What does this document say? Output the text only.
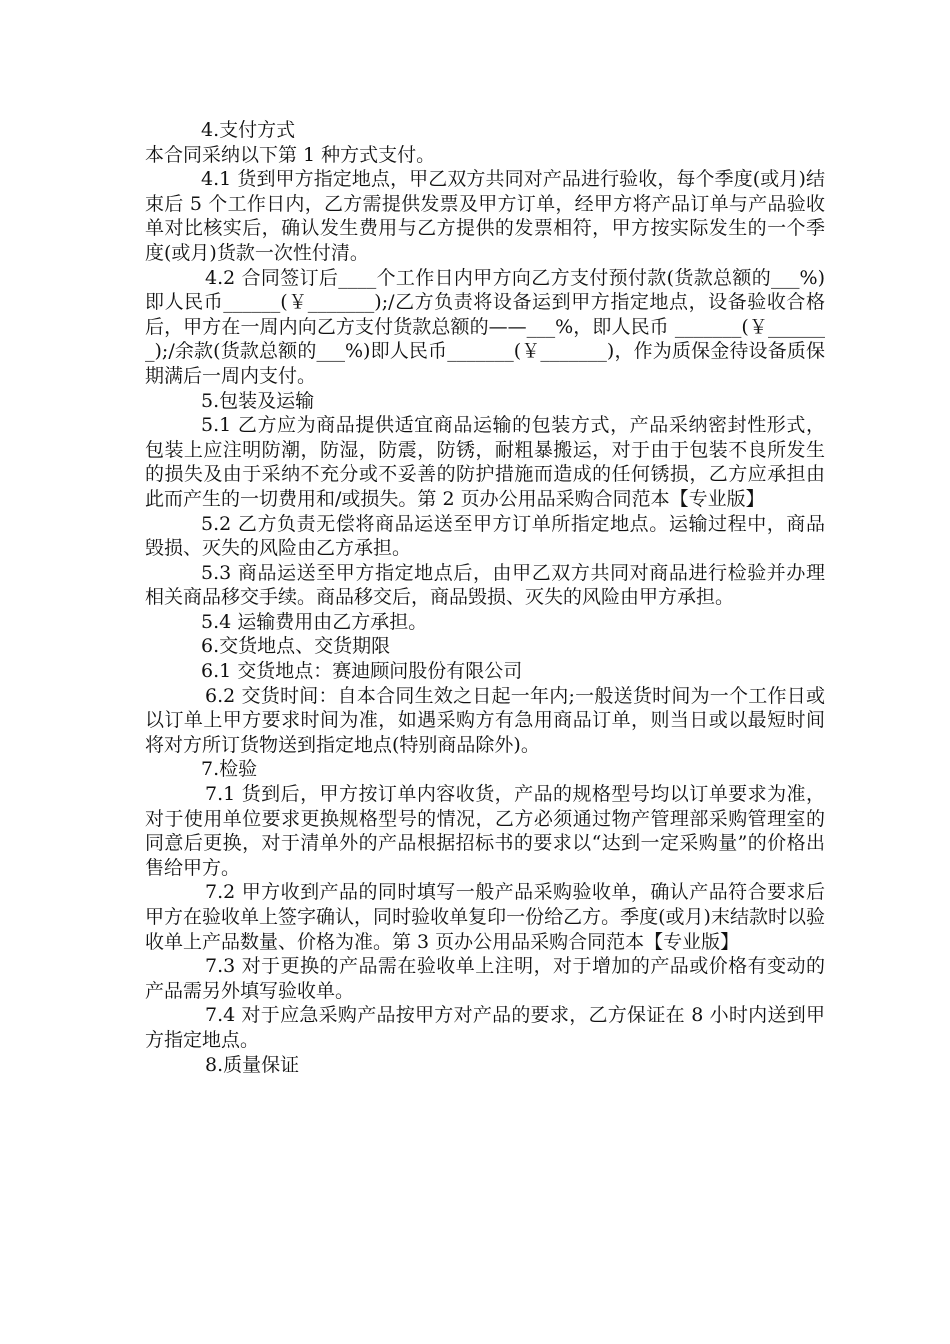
4.支付方式

本合同采纳以下第 1 种方式支付。

4.1 货到甲方指定地点，甲乙双方共同对产品进行验收，每个季度(或月)结束后 5 个工作日内，乙方需提供发票及甲方订单，经甲方将产品订单与产品验收单对比核实后，确认发生费用与乙方提供的发票相符，甲方按实际发生的一个季度(或月)货款一次性付清。

4.2 合同签订后____个工作日内甲方向乙方支付预付款(货款总额的___%)即人民币______(￥_______);/乙方负责将设备运到甲方指定地点，设备验收合格后，甲方在一周内向乙方支付货款总额的——___%，即人民币 _______(￥_______);/余款(货款总额的___%)即人民币_______(￥_______)，作为质保金待设备质保期满后一周内支付。

5.包装及运输

5.1 乙方应为商品提供适宜商品运输的包装方式，产品采纳密封性形式，包装上应注明防潮，防湿，防震，防锈，耐粗暴搬运，对于由于包装不良所发生的损失及由于采纳不充分或不妥善的防护措施而造成的任何锈损，乙方应承担由此而产生的一切费用和/或损失。第 2 页办公用品采购合同范本【专业版】

5.2 乙方负责无偿将商品运送至甲方订单所指定地点。运输过程中，商品毁损、灭失的风险由乙方承担。

5.3 商品运送至甲方指定地点后，由甲乙双方共同对商品进行检验并办理相关商品移交手续。商品移交后，商品毁损、灭失的风险由甲方承担。

5.4 运输费用由乙方承担。

6.交货地点、交货期限

6.1 交货地点：赛迪顾问股份有限公司

6.2 交货时间：自本合同生效之日起一年内;一般送货时间为一个工作日或以订单上甲方要求时间为准，如遇采购方有急用商品订单，则当日或以最短时间将对方所订货物送到指定地点(特别商品除外)。

7.检验

7.1 货到后，甲方按订单内容收货，产品的规格型号均以订单要求为准，对于使用单位要求更换规格型号的情况，乙方必须通过物产管理部采购管理室的同意后更换，对于清单外的产品根据招标书的要求以“达到一定采购量”的价格出售给甲方。

7.2 甲方收到产品的同时填写一般产品采购验收单，确认产品符合要求后甲方在验收单上签字确认，同时验收单复印一份给乙方。季度(或月)末结款时以验收单上产品数量、价格为准。第 3 页办公用品采购合同范本【专业版】

7.3 对于更换的产品需在验收单上注明，对于增加的产品或价格有变动的产品需另外填写验收单。

7.4 对于应急采购产品按甲方对产品的要求，乙方保证在 8 小时内送到甲方指定地点。

8.质量保证
